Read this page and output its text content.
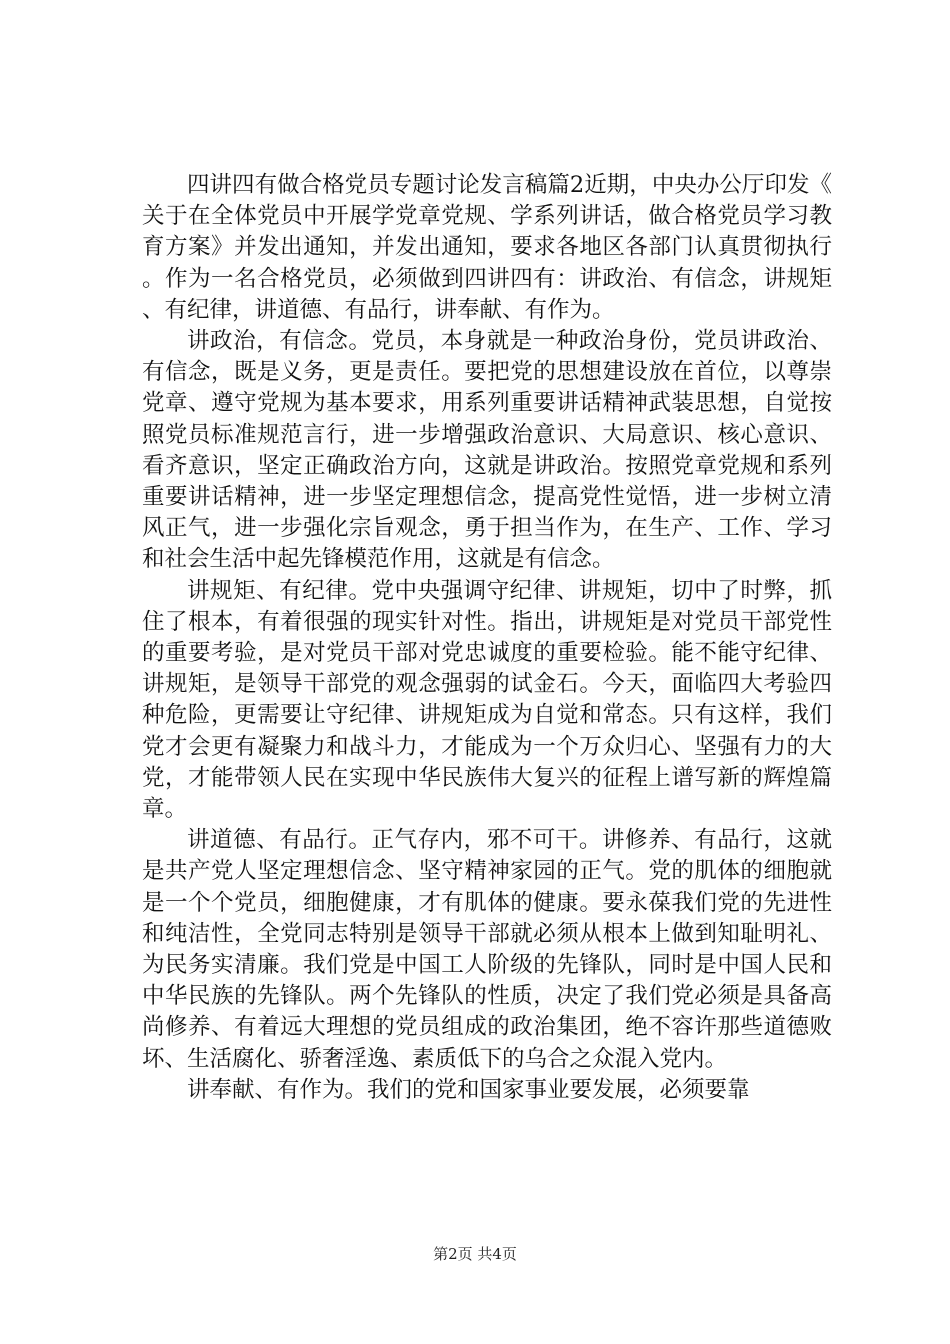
四讲四有做合格党员专题讨论发言稿篇2近期，中央办公厅印发《关于在全体党员中开展学党章党规、学系列讲话，做合格党员学习教育方案》并发出通知，并发出通知，要求各地区各部门认真贯彻执行。作为一名合格党员，必须做到四讲四有：讲政治、有信念，讲规矩、有纪律，讲道德、有品行，讲奉献、有作为。

讲政治，有信念。党员，本身就是一种政治身份，党员讲政治、有信念，既是义务，更是责任。要把党的思想建设放在首位，以尊崇党章、遵守党规为基本要求，用系列重要讲话精神武装思想，自觉按照党员标准规范言行，进一步增强政治意识、大局意识、核心意识、看齐意识，坚定正确政治方向，这就是讲政治。按照党章党规和系列重要讲话精神，进一步坚定理想信念，提高党性觉悟，进一步树立清风正气，进一步强化宗旨观念，勇于担当作为，在生产、工作、学习和社会生活中起先锋模范作用，这就是有信念。

讲规矩、有纪律。党中央强调守纪律、讲规矩，切中了时弊，抓住了根本，有着很强的现实针对性。指出，讲规矩是对党员干部党性的重要考验，是对党员干部对党忠诚度的重要检验。能不能守纪律、讲规矩，是领导干部党的观念强弱的试金石。今天，面临四大考验四种危险，更需要让守纪律、讲规矩成为自觉和常态。只有这样，我们党才会更有凝聚力和战斗力，才能成为一个万众归心、坚强有力的大党，才能带领人民在实现中华民族伟大复兴的征程上谱写新的辉煌篇章。

讲道德、有品行。正气存内，邪不可干。讲修养、有品行，这就是共产党人坚定理想信念、坚守精神家园的正气。党的肌体的细胞就是一个个党员，细胞健康，才有肌体的健康。要永葆我们党的先进性和纯洁性，全党同志特别是领导干部就必须从根本上做到知耻明礼、为民务实清廉。我们党是中国工人阶级的先锋队，同时是中国人民和中华民族的先锋队。两个先锋队的性质，决定了我们党必须是具备高尚修养、有着远大理想的党员组成的政治集团，绝不容许那些道德败坏、生活腐化、骄奢淫逸、素质低下的乌合之众混入党内。

讲奉献、有作为。我们的党和国家事业要发展，必须要靠

第2页 共4页
